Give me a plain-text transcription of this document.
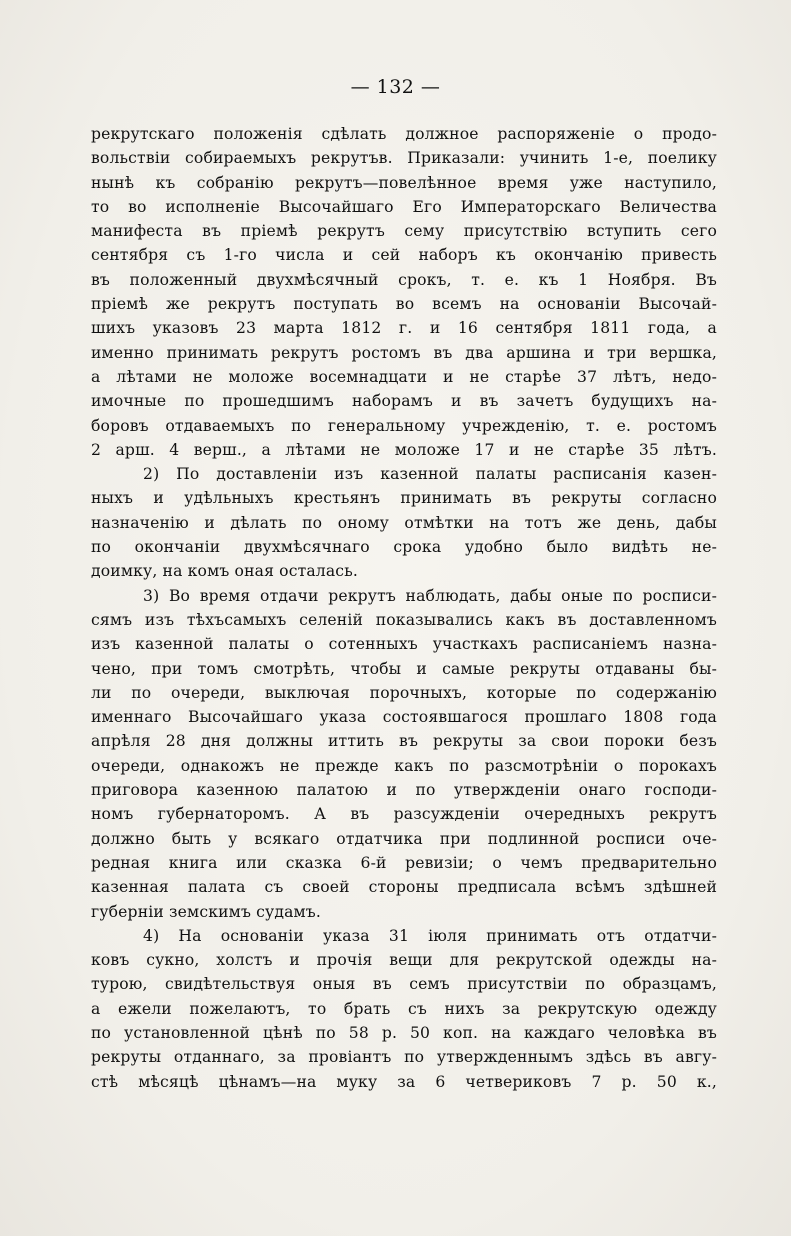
— 132 —
рекрутскаго положенія сдѣлать должное распоряженіе о продо-
вольствіи собираемыхъ рекрутъв. Приказали: учинить 1-е, поелику
нынѣ къ собранію рекрутъ—повелѣнное время уже наступило,
то во исполненіе Высочайшаго Его Императорскаго Величества
манифеста въ пріемѣ рекрутъ сему присутствію вступить сего
сентября съ 1-го числа и сей наборъ къ окончанію привесть
въ положенный двухмѣсячный срокъ, т. е. къ 1 Ноября. Въ
пріемѣ же рекрутъ поступать во всемъ на основаніи Высочай-
шихъ указовъ 23 марта 1812 г. и 16 сентября 1811 года, а
именно принимать рекрутъ ростомъ въ два аршина и три вершка,
а лѣтами не моложе восемнадцати и не старѣе 37 лѣтъ, недо-
имочные по прошедшимъ наборамъ и въ зачетъ будущихъ на-
боровъ отдаваемыхъ по генеральному учрежденію, т. е. ростомъ
2 арш. 4 верш., а лѣтами не моложе 17 и не старѣе 35 лѣтъ.
2) По доставленіи изъ казенной палаты расписанія казен-
ныхъ и удѣльныхъ крестьянъ принимать въ рекруты согласно
назначенію и дѣлать по оному отмѣтки на тотъ же день, дабы
по окончаніи двухмѣсячнаго срока удобно было видѣть не-
доимку, на комъ оная осталась.
3) Во время отдачи рекрутъ наблюдать, дабы оные по росписи-
сямъ изъ тѣхъсамыхъ селеній показывались какъ въ доставленномъ
изъ казенной палаты о сотенныхъ участкахъ расписаніемъ назна-
чено, при томъ смотрѣть, чтобы и самые рекруты отдаваны бы-
ли по очереди, выключая порочныхъ, которые по содержанію
именнаго Высочайшаго указа состоявшагося прошлаго 1808 года
апрѣля 28 дня должны иттить въ рекруты за свои пороки безъ
очереди, однакожъ не прежде какъ по разсмотрѣніи о порокахъ
приговора казенною палатою и по утвержденіи онаго господи-
номъ губернаторомъ. А въ разсужденіи очередныхъ рекрутъ
должно быть у всякаго отдатчика при подлинной росписи оче-
редная книга или сказка 6-й ревизіи; о чемъ предварительно
казенная палата съ своей стороны предписала всѣмъ здѣшней
губерніи земскимъ судамъ.
4) На основаніи указа 31 іюля принимать отъ отдатчи-
ковъ сукно, холстъ и прочія вещи для рекрутской одежды на-
турою, свидѣтельствуя оныя въ семъ присутствіи по образцамъ,
а ежели пожелаютъ, то брать съ нихъ за рекрутскую одежду
по установленной цѣнѣ по 58 р. 50 коп. на каждаго человѣка въ
рекруты отданнаго, за провіантъ по утвержденнымъ здѣсь въ авгу-
стѣ мѣсяцѣ цѣнамъ—на муку за 6 четвериковъ 7 р. 50 к.,
